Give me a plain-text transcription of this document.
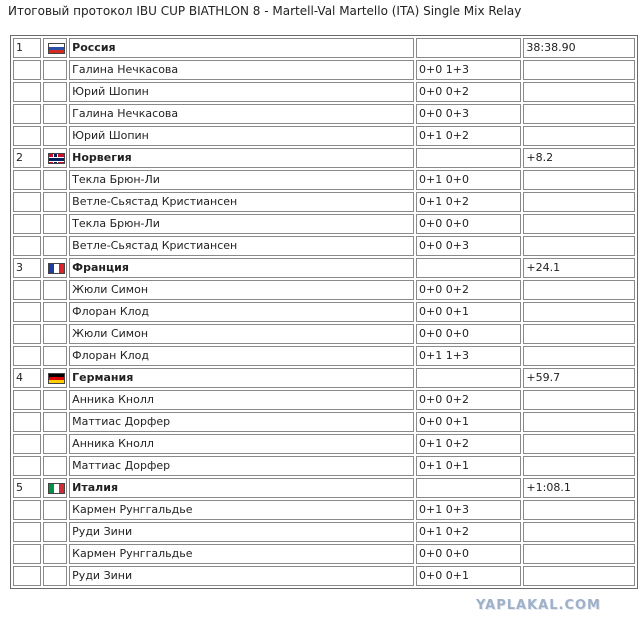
Итоговый протокол IBU CUP BIATHLON 8 - Martell-Val Martello (ITA) Single Mix Relay
1		Россия		38:38.90
		Галина Нечкасова	0+0 1+3	
		Юрий Шопин	0+0 0+2	
		Галина Нечкасова	0+0 0+3	
		Юрий Шопин	0+1 0+2	
2		Норвегия		+8.2
		Текла Брюн-Ли	0+1 0+0	
		Ветле-Сьястад Кристиансен	0+1 0+2	
		Текла Брюн-Ли	0+0 0+0	
		Ветле-Сьястад Кристиансен	0+0 0+3	
3		Франция		+24.1
		Жюли Симон	0+0 0+2	
		Флоран Клод	0+0 0+1	
		Жюли Симон	0+0 0+0	
		Флоран Клод	0+1 1+3	
4		Германия		+59.7
		Анника Кнолл	0+0 0+2	
		Маттиас Дорфер	0+0 0+1	
		Анника Кнолл	0+1 0+2	
		Маттиас Дорфер	0+1 0+1	
5		Италия		+1:08.1
		Кармен Рунггальдье	0+1 0+3	
		Руди Зини	0+1 0+2	
		Кармен Рунггальдье	0+0 0+0	
		Руди Зини	0+0 0+1	
YAPLAKAL.COM
